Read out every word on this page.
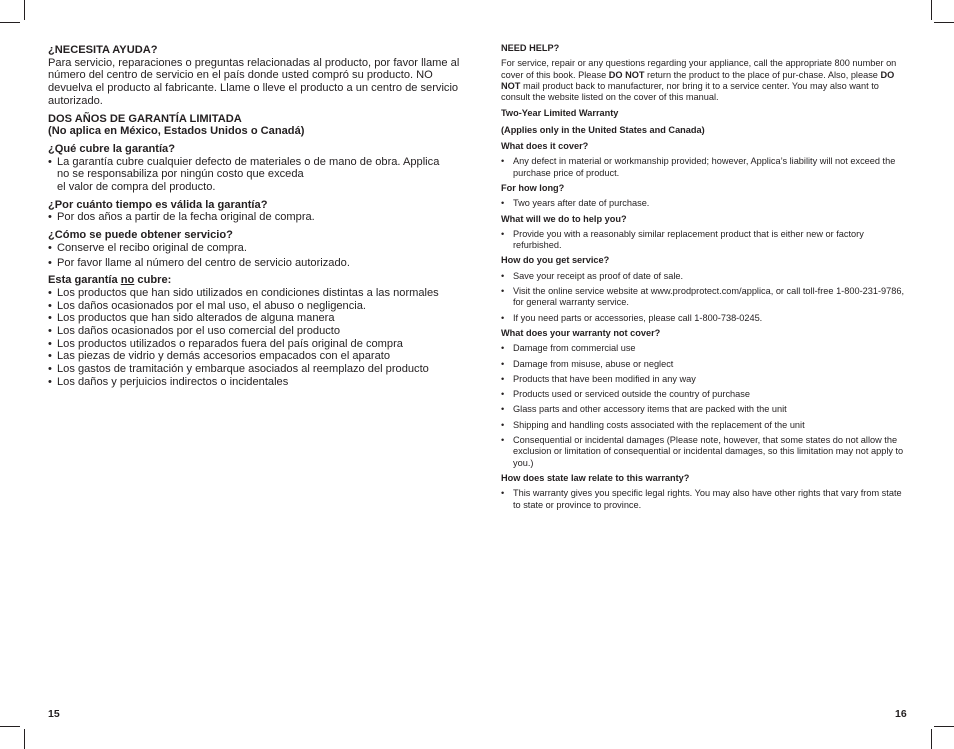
¿NECESITA AYUDA?
Para servicio, reparaciones o preguntas relacionadas al producto, por favor llame al número del centro de servicio en el país donde usted compró su producto. NO devuelva el producto al fabricante. Llame o lleve el producto a un centro de servicio autorizado.
DOS AÑOS DE GARANTÍA LIMITADA
(No aplica en México, Estados Unidos o Canadá)
¿Qué cubre la garantía?
• La garantía cubre cualquier defecto de materiales o de mano de obra. Applica
no se responsabiliza por ningún costo que exceda
el valor de compra del producto.
¿Por cuánto tiempo es válida la garantía?
• Por dos años a partir de la fecha original de compra.
¿Cómo se puede obtener servicio?
• Conserve el recibo original de compra.
• Por favor llame al número del centro de servicio autorizado.
Esta garantía no cubre:
• Los productos que han sido utilizados en condiciones distintas a las normales
• Los daños ocasionados por el mal uso, el abuso o negligencia.
• Los productos que han sido alterados de alguna manera
• Los daños ocasionados por el uso comercial del producto
• Los productos utilizados o reparados fuera del país original de compra
• Las piezas de vidrio y demás accesorios empacados con el aparato
• Los gastos de tramitación y embarque asociados al reemplazo del producto
• Los daños y perjuicios indirectos o incidentales
15
NEED HELP?
For service, repair or any questions regarding your appliance, call the appropriate 800 number on cover of this book. Please DO NOT return the product to the place of pur-chase. Also, please DO NOT mail product back to manufacturer, nor bring it to a service center. You may also want to consult the website listed on the cover of this manual.
Two-Year Limited Warranty
(Applies only in the United States and Canada)
What does it cover?
• Any defect in material or workmanship provided; however, Applica’s liability will not exceed the purchase price of product.
For how long?
• Two years after date of purchase.
What will we do to help you?
• Provide you with a reasonably similar replacement product that is either new or factory refurbished.
How do you get service?
• Save your receipt as proof of date of sale.
• Visit the online service website at www.prodprotect.com/applica, or call toll-free 1-800-231-9786, for general warranty service.
• If you need parts or accessories, please call 1-800-738-0245.
What does your warranty not cover?
• Damage from commercial use
• Damage from misuse, abuse or neglect
• Products that have been modified in any way
• Products used or serviced outside the country of purchase
• Glass parts and other accessory items that are packed with the unit
• Shipping and handling costs associated with the replacement of the unit
• Consequential or incidental damages (Please note, however, that some states do not allow the exclusion or limitation of consequential or incidental damages, so this limitation may not apply to you.)
How does state law relate to this warranty?
• This warranty gives you specific legal rights. You may also have other rights that vary from state to state or province to province.
16
